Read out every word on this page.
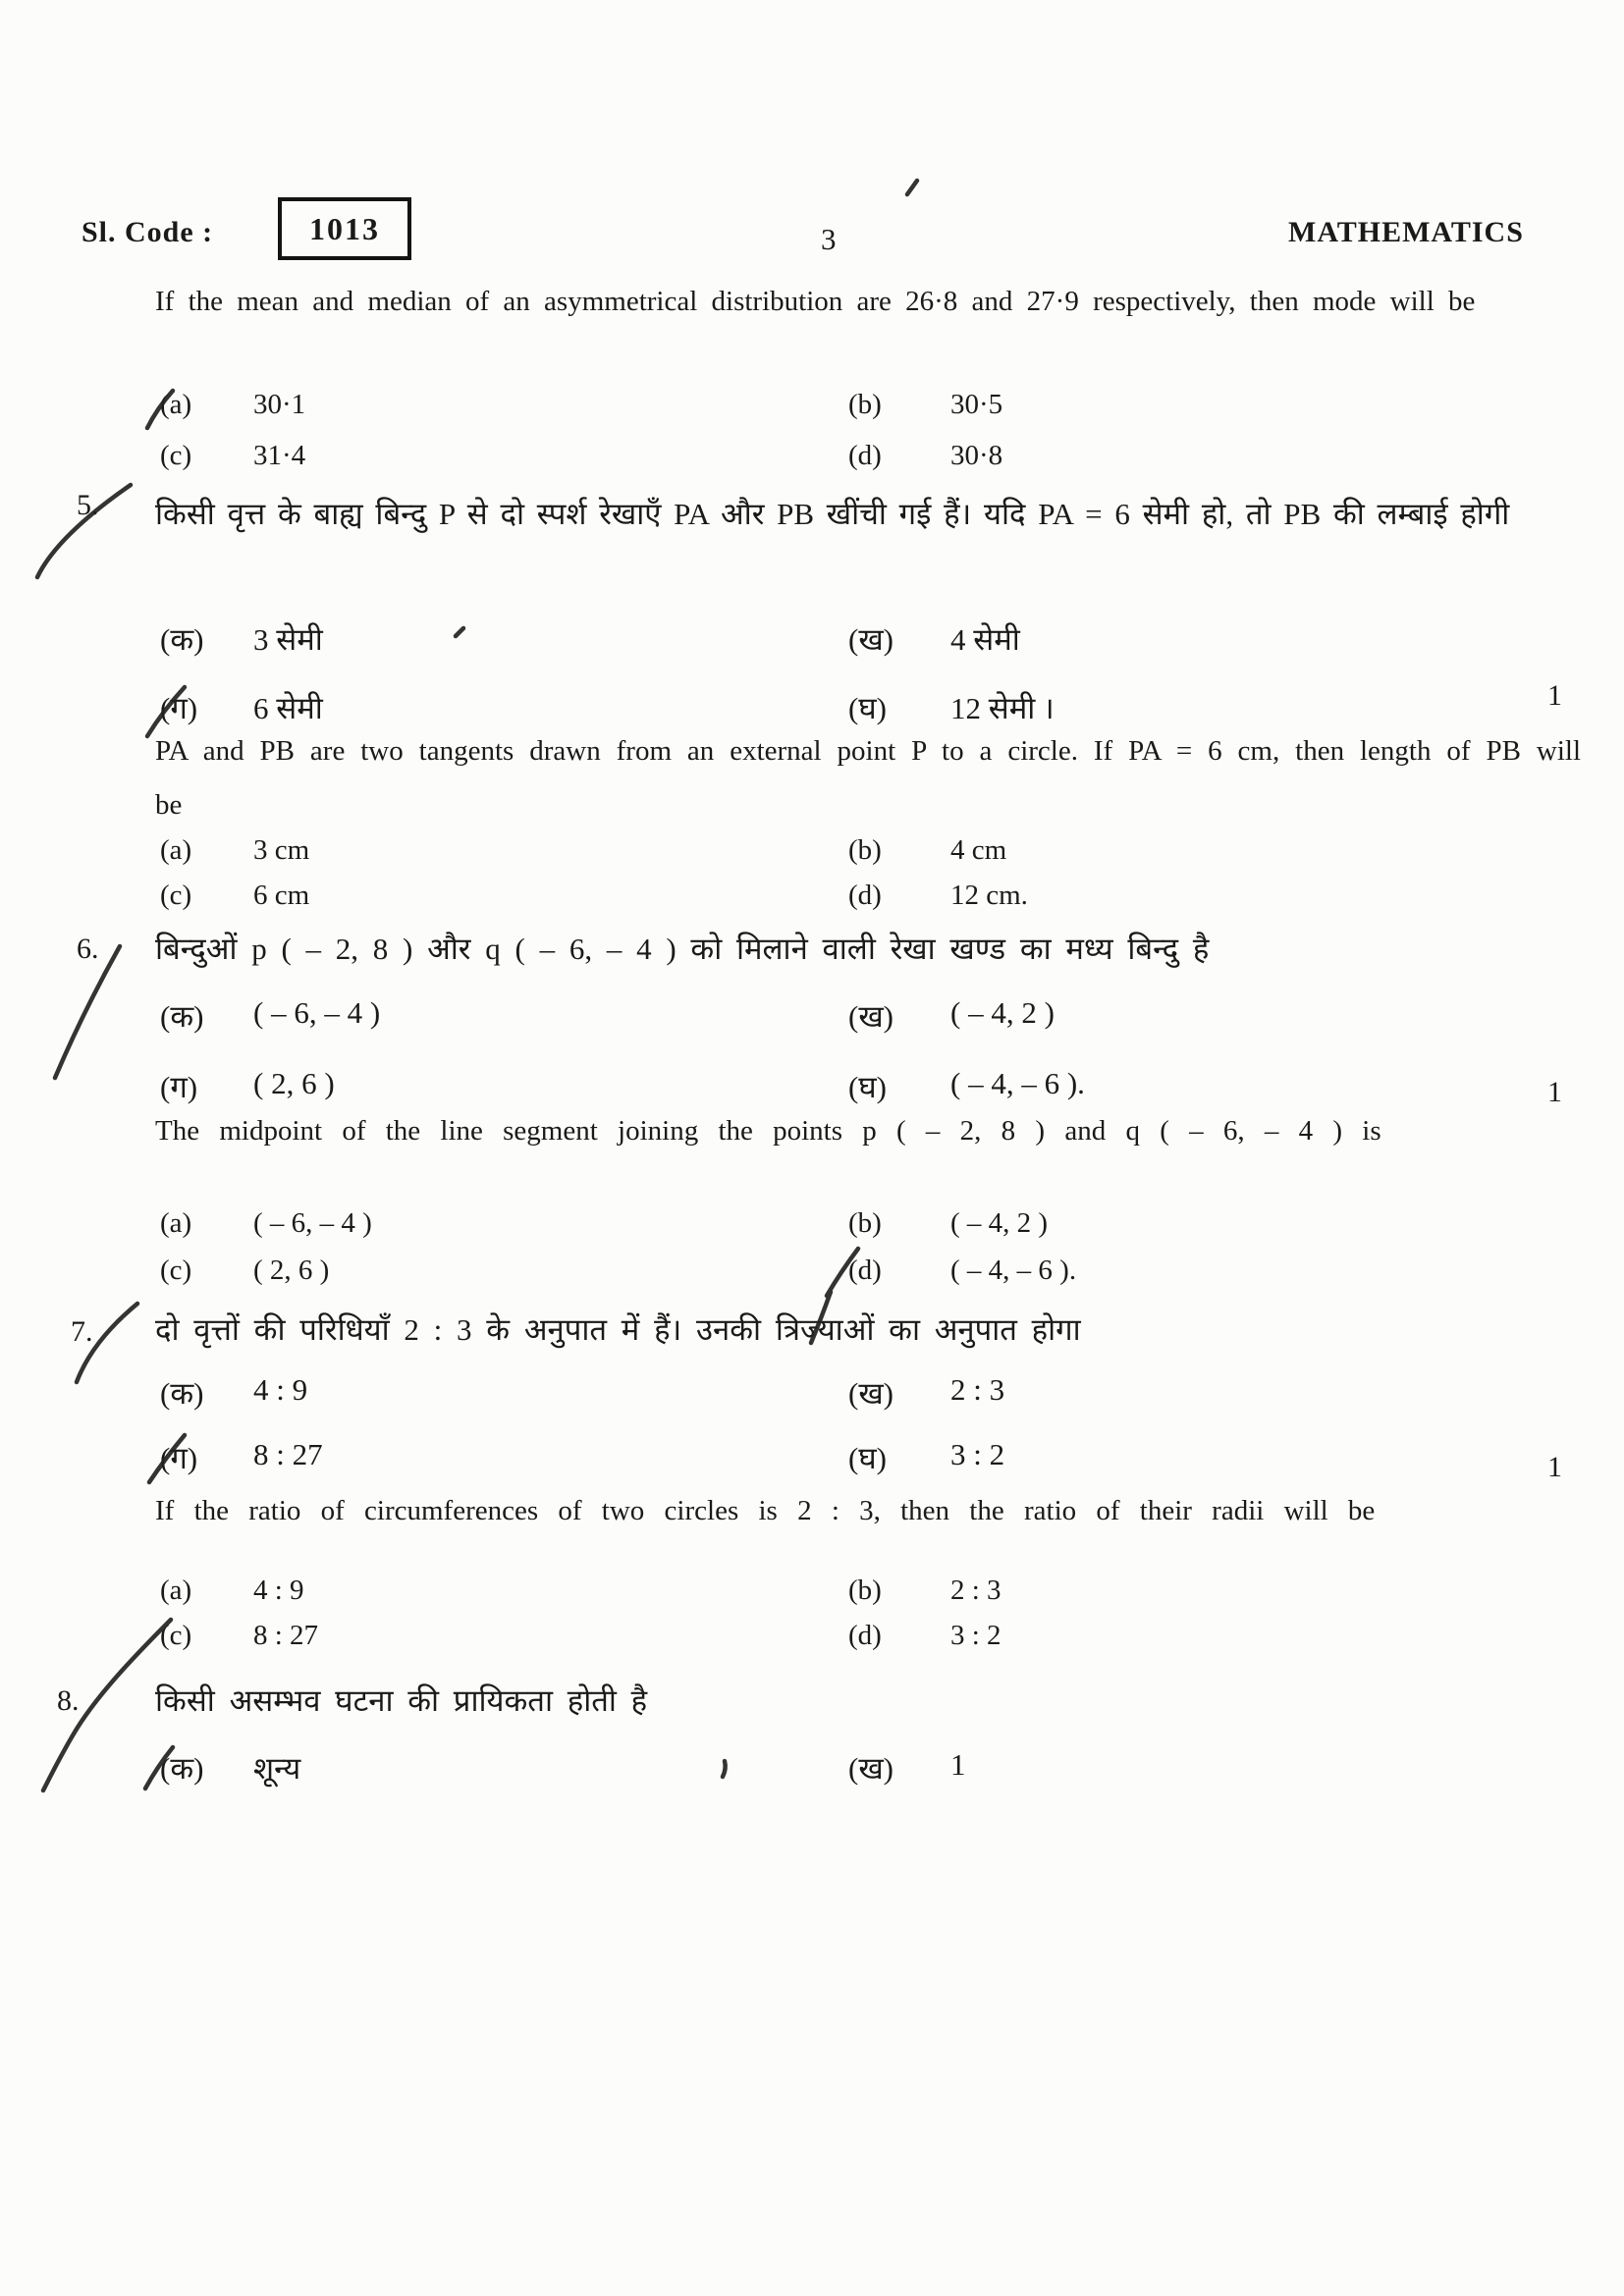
Sl. Code :	1013	3	MATHEMATICS
If the mean and median of an asymmetrical distribution are 26·8 and 27·9 respectively, then mode will be
(a) 30·1	(b) 30·5
(c) 31·4	(d) 30·8
5. किसी वृत्त के बाह्य बिन्दु P से दो स्पर्श रेखाएँ PA और PB खींची गई हैं। यदि PA = 6 सेमी हो, तो PB की लम्बाई होगी
(क) 3 सेमी	(ख) 4 सेमी
(ग) 6 सेमी	(घ) 12 सेमी ।	1
PA and PB are two tangents drawn from an external point P to a circle. If PA = 6 cm, then length of PB will be
(a) 3 cm	(b) 4 cm
(c) 6 cm	(d) 12 cm.
6. बिन्दुओं p ( – 2, 8 ) और q ( – 6, – 4 ) को मिलाने वाली रेखा खण्ड का मध्य बिन्दु है
(क) ( – 6, – 4 )	(ख) ( – 4, 2 )
(ग) ( 2, 6 )	(घ) ( – 4, – 6 ).	1
The midpoint of the line segment joining the points p ( – 2, 8 ) and q ( – 6, – 4 ) is
(a) ( – 6, – 4 )	(b) ( – 4, 2 )
(c) ( 2, 6 )	(d) ( – 4, – 6 ).
7. दो वृत्तों की परिधियाँ 2 : 3 के अनुपात में हैं। उनकी त्रिज्याओं का अनुपात होगा
(क) 4 : 9	(ख) 2 : 3
(ग) 8 : 27	(घ) 3 : 2	1
If the ratio of circumferences of two circles is 2 : 3, then the ratio of their radii will be
(a) 4 : 9	(b) 2 : 3
(c) 8 : 27	(d) 3 : 2
8.	किसी असम्भव घटना की प्रायिकता होती है
(क) शून्य	(ख) 1
